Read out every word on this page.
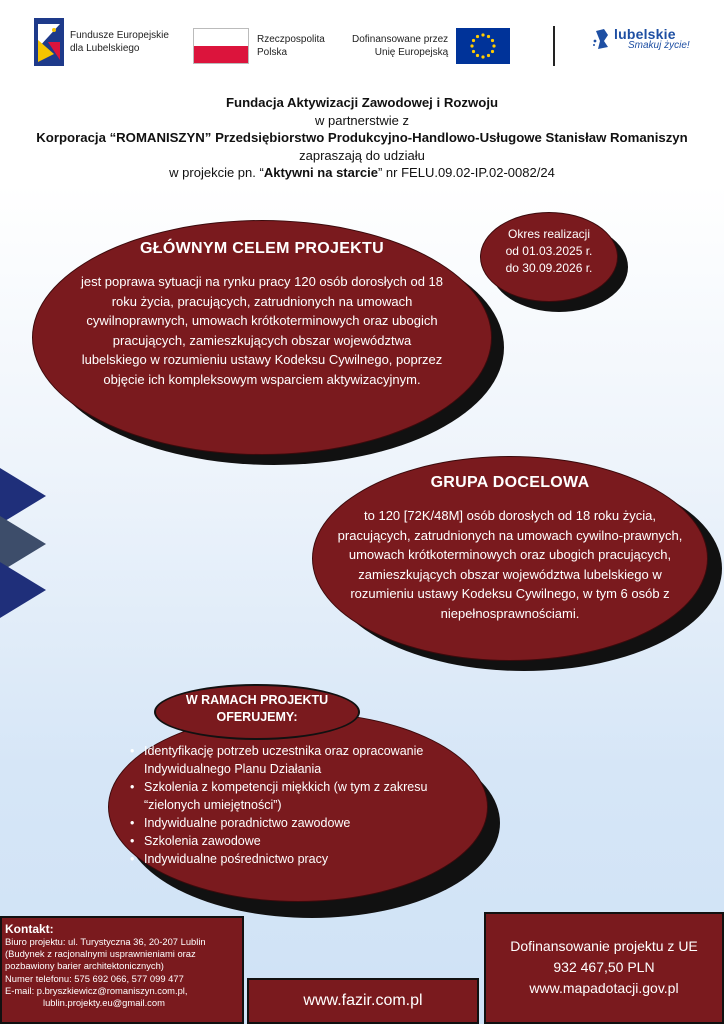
Fundusze Europejskie
dla Lubelskiego
Rzeczpospolita
Polska
Dofinansowane przez
Unię Europejską
lubelskie
Smakuj życie!
Fundacja Aktywizacji Zawodowej i Rozwoju
w partnerstwie z
Korporacja “ROMANISZYN” Przedsiębiorstwo Produkcyjno-Handlowo-Usługowe Stanisław Romaniszyn
zapraszają do udziału
w projekcie pn. “Aktywni na starcie” nr FELU.09.02-IP.02-0082/24
GŁÓWNYM CELEM PROJEKTU
jest poprawa sytuacji na rynku pracy 120 osób dorosłych od 18 roku życia, pracujących, zatrudnionych na umowach cywilnoprawnych, umowach krótkoterminowych oraz ubogich pracujących, zamieszkujących obszar województwa lubelskiego w rozumieniu ustawy Kodeksu Cywilnego, poprzez objęcie ich kompleksowym wsparciem aktywizacyjnym.
Okres realizacji
od 01.03.2025 r.
do 30.09.2026 r.
GRUPA DOCELOWA
to 120 [72K/48M] osób dorosłych od 18 roku życia, pracujących, zatrudnionych na umowach cywilno-prawnych, umowach krótkoterminowych oraz ubogich pracujących, zamieszkujących obszar województwa lubelskiego w rozumieniu ustawy Kodeksu Cywilnego, w tym 6 osób z niepełnosprawnościami.
W RAMACH PROJEKTU
OFERUJEMY:
• Identyfikację potrzeb uczestnika oraz opracowanie Indywidualnego Planu Działania
• Szkolenia z kompetencji miękkich (w tym z zakresu “zielonych umiejętności”)
• Indywidualne poradnictwo zawodowe
• Szkolenia zawodowe
• Indywidualne pośrednictwo pracy
Kontakt:
Biuro projektu: ul. Turystyczna 36, 20-207 Lublin
(Budynek z racjonalnymi usprawnieniami oraz
pozbawiony barier architektonicznych)
Numer telefonu: 575 692 066, 577 099 477
E-mail: p.bryszkiewicz@romaniszyn.com.pl,
lublin.projekty.eu@gmail.com	www.fazir.com.pl
Dofinansowanie projektu z UE
932 467,50 PLN
www.mapadotacji.gov.pl
